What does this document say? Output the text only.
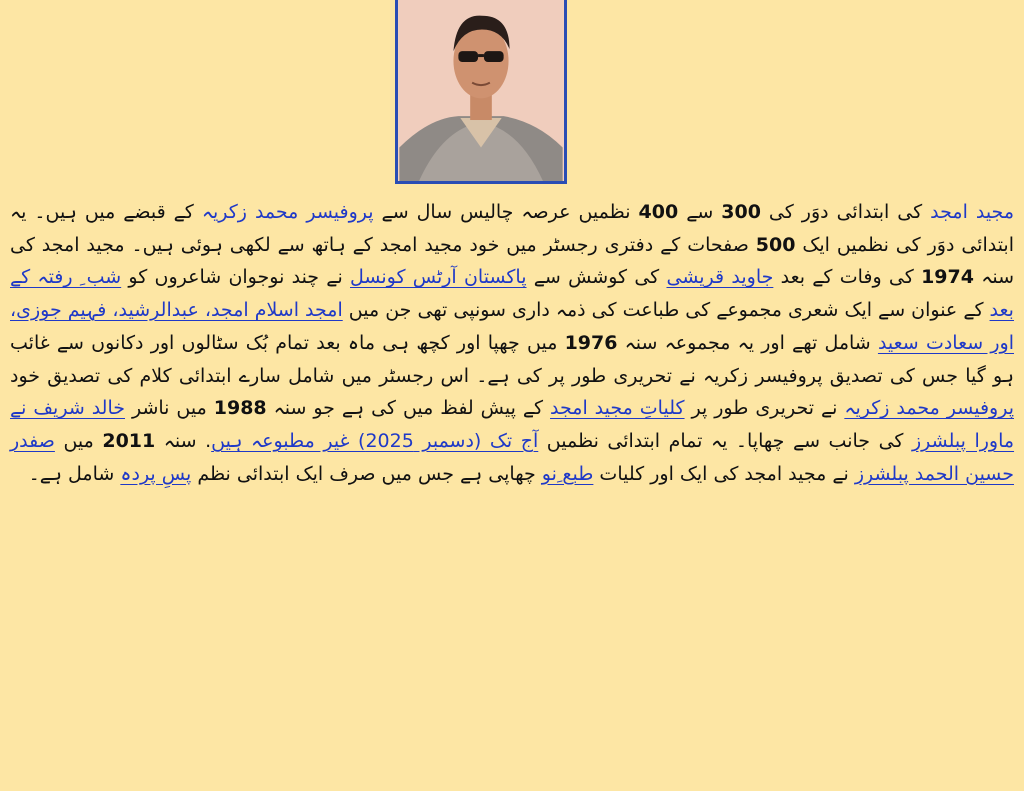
مجید امجد کی ابتدائی دوَر کی 300 سے 400 نظمیں عرصہ چالیس سال سے پروفیسر محمد زکریہ کے قبضے میں ہیں۔ یہ ابتدائی دوَر کی نظمیں ایک 500 صفحات کے دفتری رجسٹر میں خود مجید امجد کے ہاتھ سے لکھی ہوئی ہیں۔ مجید امجد کی سنہ 1974 کی وفات کے بعد جاوید قریشی کی کوشش سے پاکستان آرٹس کونسل نے چند نوجوان شاعروں کو شب ِ رفتہ کے بعد کے عنوان سے ایک شعری مجموعے کی طباعت کی ذمہ داری سونپی تھی جن میں امجد اسلام امجد، عبدالرشید، فہیم جوزی، اور سعادت سعید شامل تھے اور یہ مجموعہ سنہ 1976 میں چھپا اور کچھ ہی ماہ بعد تمام بُک سٹالوں اور دکانوں سے غائب ہو گیا جس کی تصدیق پروفیسر زکریہ نے تحریری طور پر کی ہے۔ اس رجسٹر میں شامل سارے ابتدائی کلام کی تصدیق خود پروفیسر محمد زکریہ نے تحریری طور پر کلیاتِ مجید امجد کے پیش لفظ میں کی ہے جو سنہ 1988 میں ناشر خالد شریف نے ماورا پبلشرز کی جانب سے چھاپا۔ یہ تمام ابتدائی نظمیں آج تک (دسمبر 2025) غیر مطبوعہ ہیں. سنہ 2011 میں صفدر حسین الحمد پبلشرز نے مجید امجد کی ایک اور کلیات طبع ِنو چھاپی ہے جس میں صرف ایک ابتدائی نظم پسِ پردہ شامل ہے۔
